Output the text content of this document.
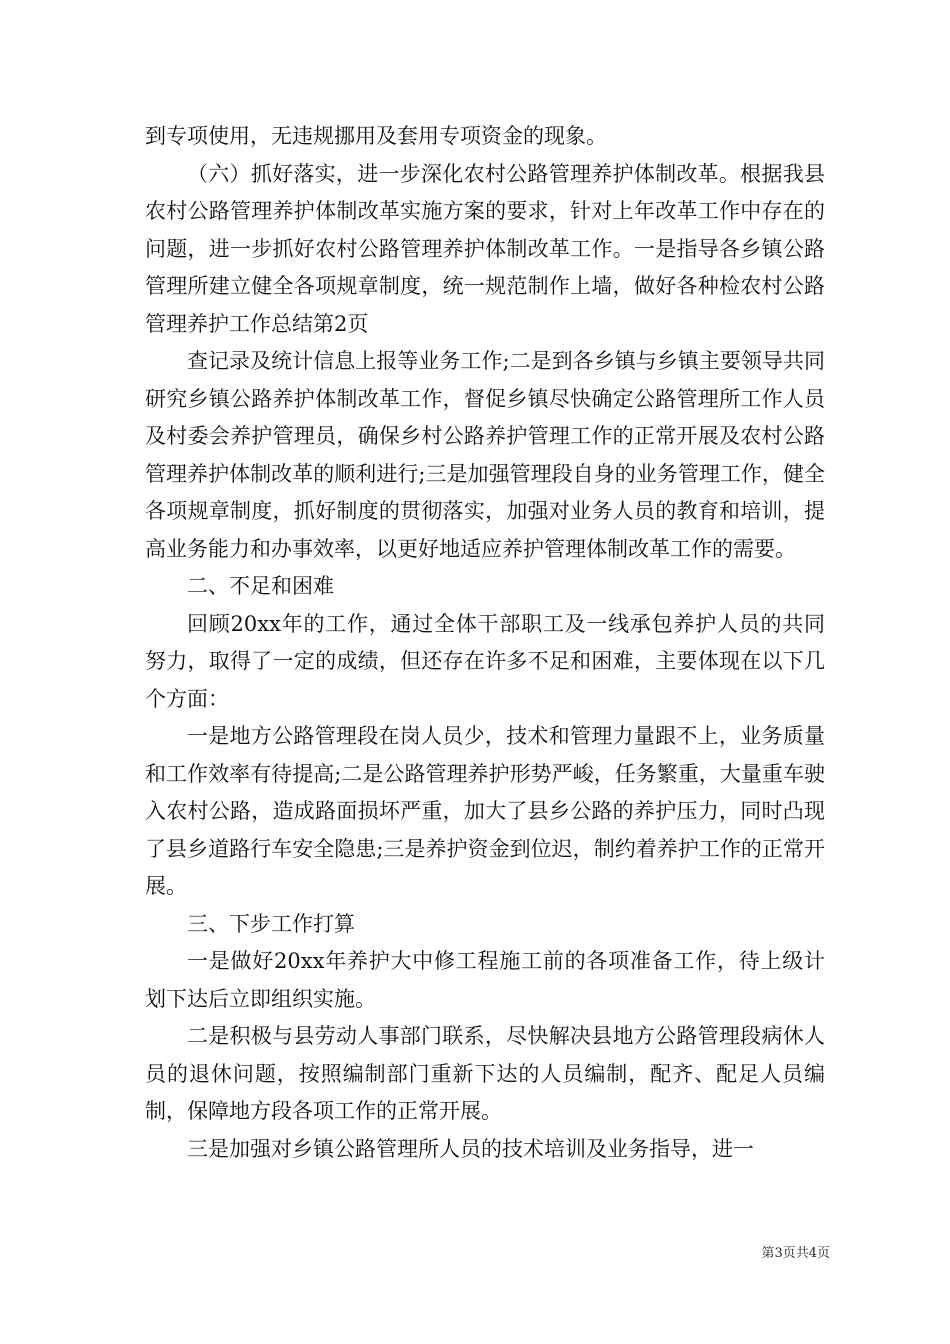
到专项使用，无违规挪用及套用专项资金的现象。

（六）抓好落实，进一步深化农村公路管理养护体制改革。根据我县农村公路管理养护体制改革实施方案的要求，针对上年改革工作中存在的问题，进一步抓好农村公路管理养护体制改革工作。一是指导各乡镇公路管理所建立健全各项规章制度，统一规范制作上墙，做好各种检农村公路管理养护工作总结第2页

查记录及统计信息上报等业务工作;二是到各乡镇与乡镇主要领导共同研究乡镇公路养护体制改革工作，督促乡镇尽快确定公路管理所工作人员及村委会养护管理员，确保乡村公路养护管理工作的正常开展及农村公路管理养护体制改革的顺利进行;三是加强管理段自身的业务管理工作，健全各项规章制度，抓好制度的贯彻落实，加强对业务人员的教育和培训，提高业务能力和办事效率，以更好地适应养护管理体制改革工作的需要。

二、不足和困难

回顾20xx年的工作，通过全体干部职工及一线承包养护人员的共同努力，取得了一定的成绩，但还存在许多不足和困难，主要体现在以下几个方面：

一是地方公路管理段在岗人员少，技术和管理力量跟不上，业务质量和工作效率有待提高;二是公路管理养护形势严峻，任务繁重，大量重车驶入农村公路，造成路面损坏严重，加大了县乡公路的养护压力，同时凸现了县乡道路行车安全隐患;三是养护资金到位迟，制约着养护工作的正常开展。

三、下步工作打算

一是做好20xx年养护大中修工程施工前的各项准备工作，待上级计划下达后立即组织实施。

二是积极与县劳动人事部门联系，尽快解决县地方公路管理段病休人员的退休问题，按照编制部门重新下达的人员编制，配齐、配足人员编制，保障地方段各项工作的正常开展。

三是加强对乡镇公路管理所人员的技术培训及业务指导，进一

第3页共4页
